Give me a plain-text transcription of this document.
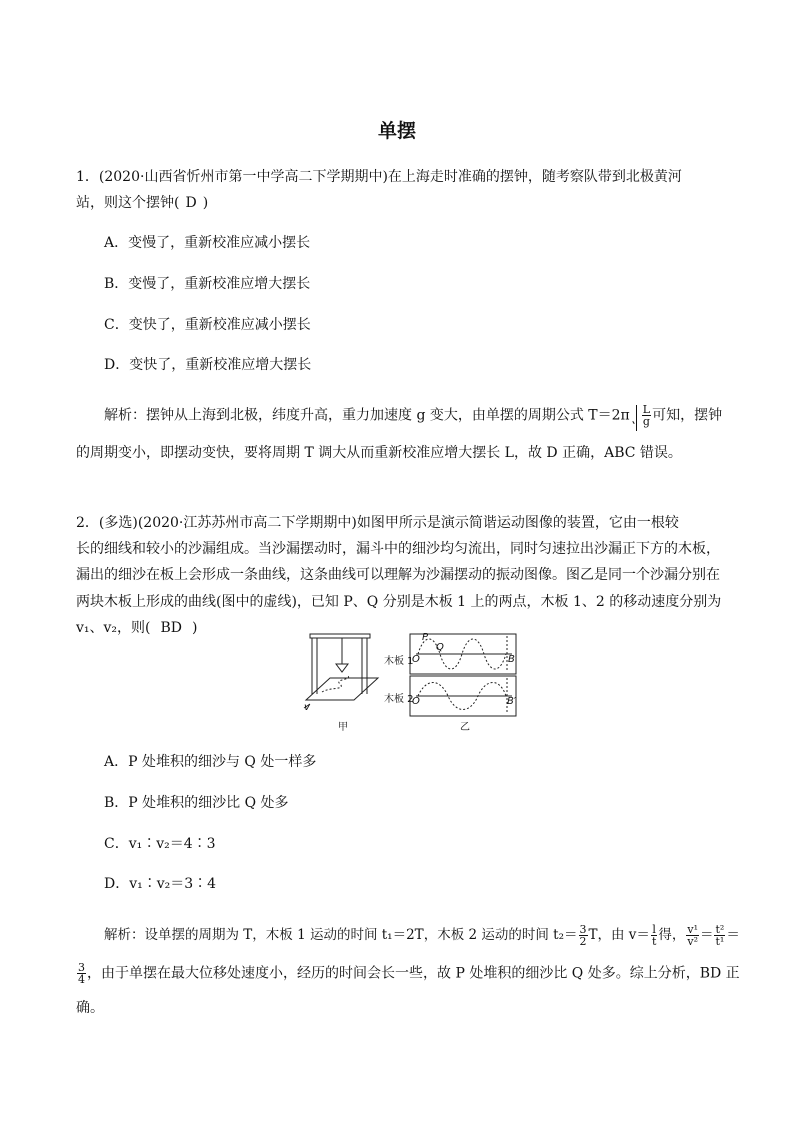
单摆
1．(2020·山西省忻州市第一中学高二下学期期中)在上海走时准确的摆钟，随考察队带到北极黄河
站，则这个摆钟( D )
A．变慢了，重新校准应减小摆长
B．变慢了，重新校准应增大摆长
C．变快了，重新校准应减小摆长
D．变快了，重新校准应增大摆长
解析：摆钟从上海到北极，纬度升高，重力加速度 g 变大，由单摆的周期公式 $T=2\pi \frac{L}{g}$ 可知，摆钟
的周期变小，即摆动变快，要将周期 T 调大从而重新校准应增大摆长 L，故 D 正确，ABC 错误。
2．(多选)(2020·江苏苏州市高二下学期期中)如图甲所示是演示简谐运动图像的装置，它由一根较
长的细线和较小的沙漏组成。当沙漏摆动时，漏斗中的细沙均匀流出，同时匀速拉出沙漏正下方的木板，
漏出的细沙在板上会形成一条曲线，这条曲线可以理解为沙漏摆动的振动图像。图乙是同一个沙漏分别在
两块木板上形成的曲线(图中的虚线)，已知 P、Q 分别是木板 1 上的两点，木板 1、2 的移动速度分别为
v₁、v₂，则( BD )
木板 1
木板 2
甲	乙
P
Q
O
O
B
B′
v
A．P 处堆积的细沙与 Q 处一样多
B．P 处堆积的细沙比 Q 处多
C．v₁∶v₂＝4∶3
D．v₁∶v₂＝3∶4
解析：设单摆的周期为 T，木板 1 运动的时间 t₁＝2T，木板 2 运动的时间 $t_2= \frac{3}{2}$ T，由 $v= \frac{l}{t}$ 得， $\frac{\text{v¹}}{\text{v²}} = \frac{\text{t²}}{\text{t¹}}$ ＝
$\frac{3}{4}$ ，由于单摆在最大位移处速度小，经历的时间会长一些，故 P 处堆积的细沙比 Q 处多。综上分析，BD 正
确。
